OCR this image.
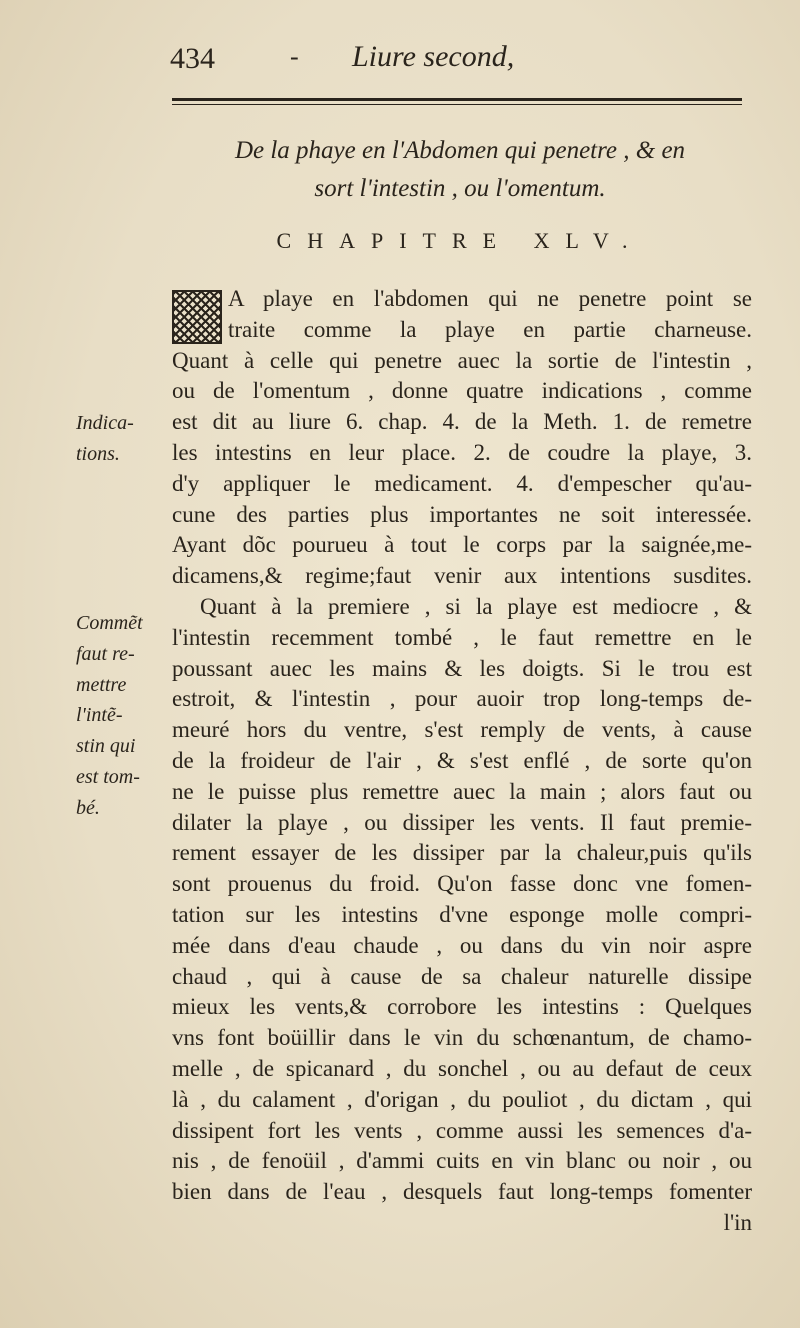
434	- Liure second,
De la phaye en l'Abdomen qui penetre , & en
sort l'intestin , ou l'omentum.
CHAPITRE XLV.
Indica-
tions.
Commẽt
faut re-
mettre
l'intẽ-
stin qui
est tom-
bé.
A playe en l'abdomen qui ne penetre point se
traite comme la playe en partie charneuse.
Quant à celle qui penetre auec la sortie de l'intestin ,
ou de l'omentum , donne quatre indications , comme
est dit au liure 6. chap. 4. de la Meth. 1. de remetre
les intestins en leur place. 2. de coudre la playe, 3.
d'y appliquer le medicament. 4. d'empescher qu'au-
cune des parties plus importantes ne soit interessée.
Ayant dõc pourueu à tout le corps par la saignée,me-
dicamens,& regime;faut venir aux intentions susdites.
Quant à la premiere , si la playe est mediocre , &
l'intestin recemment tombé , le faut remettre en le
poussant auec les mains & les doigts. Si le trou est
estroit, & l'intestin , pour auoir trop long-temps de-
meuré hors du ventre, s'est remply de vents, à cause
de la froideur de l'air , & s'est enflé , de sorte qu'on
ne le puisse plus remettre auec la main ; alors faut ou
dilater la playe , ou dissiper les vents. Il faut premie-
rement essayer de les dissiper par la chaleur,puis qu'ils
sont prouenus du froid. Qu'on fasse donc vne fomen-
tation sur les intestins d'vne esponge molle compri-
mée dans d'eau chaude , ou dans du vin noir aspre
chaud , qui à cause de sa chaleur naturelle dissipe
mieux les vents,& corrobore les intestins : Quelques
vns font boüillir dans le vin du schœnantum, de chamo-
melle , de spicanard , du sonchel , ou au defaut de ceux
là , du calament , d'origan , du pouliot , du dictam , qui
dissipent fort les vents , comme aussi les semences d'a-
nis , de fenoüil , d'ammi cuits en vin blanc ou noir , ou
bien dans de l'eau , desquels faut long-temps fomenter
l'in
